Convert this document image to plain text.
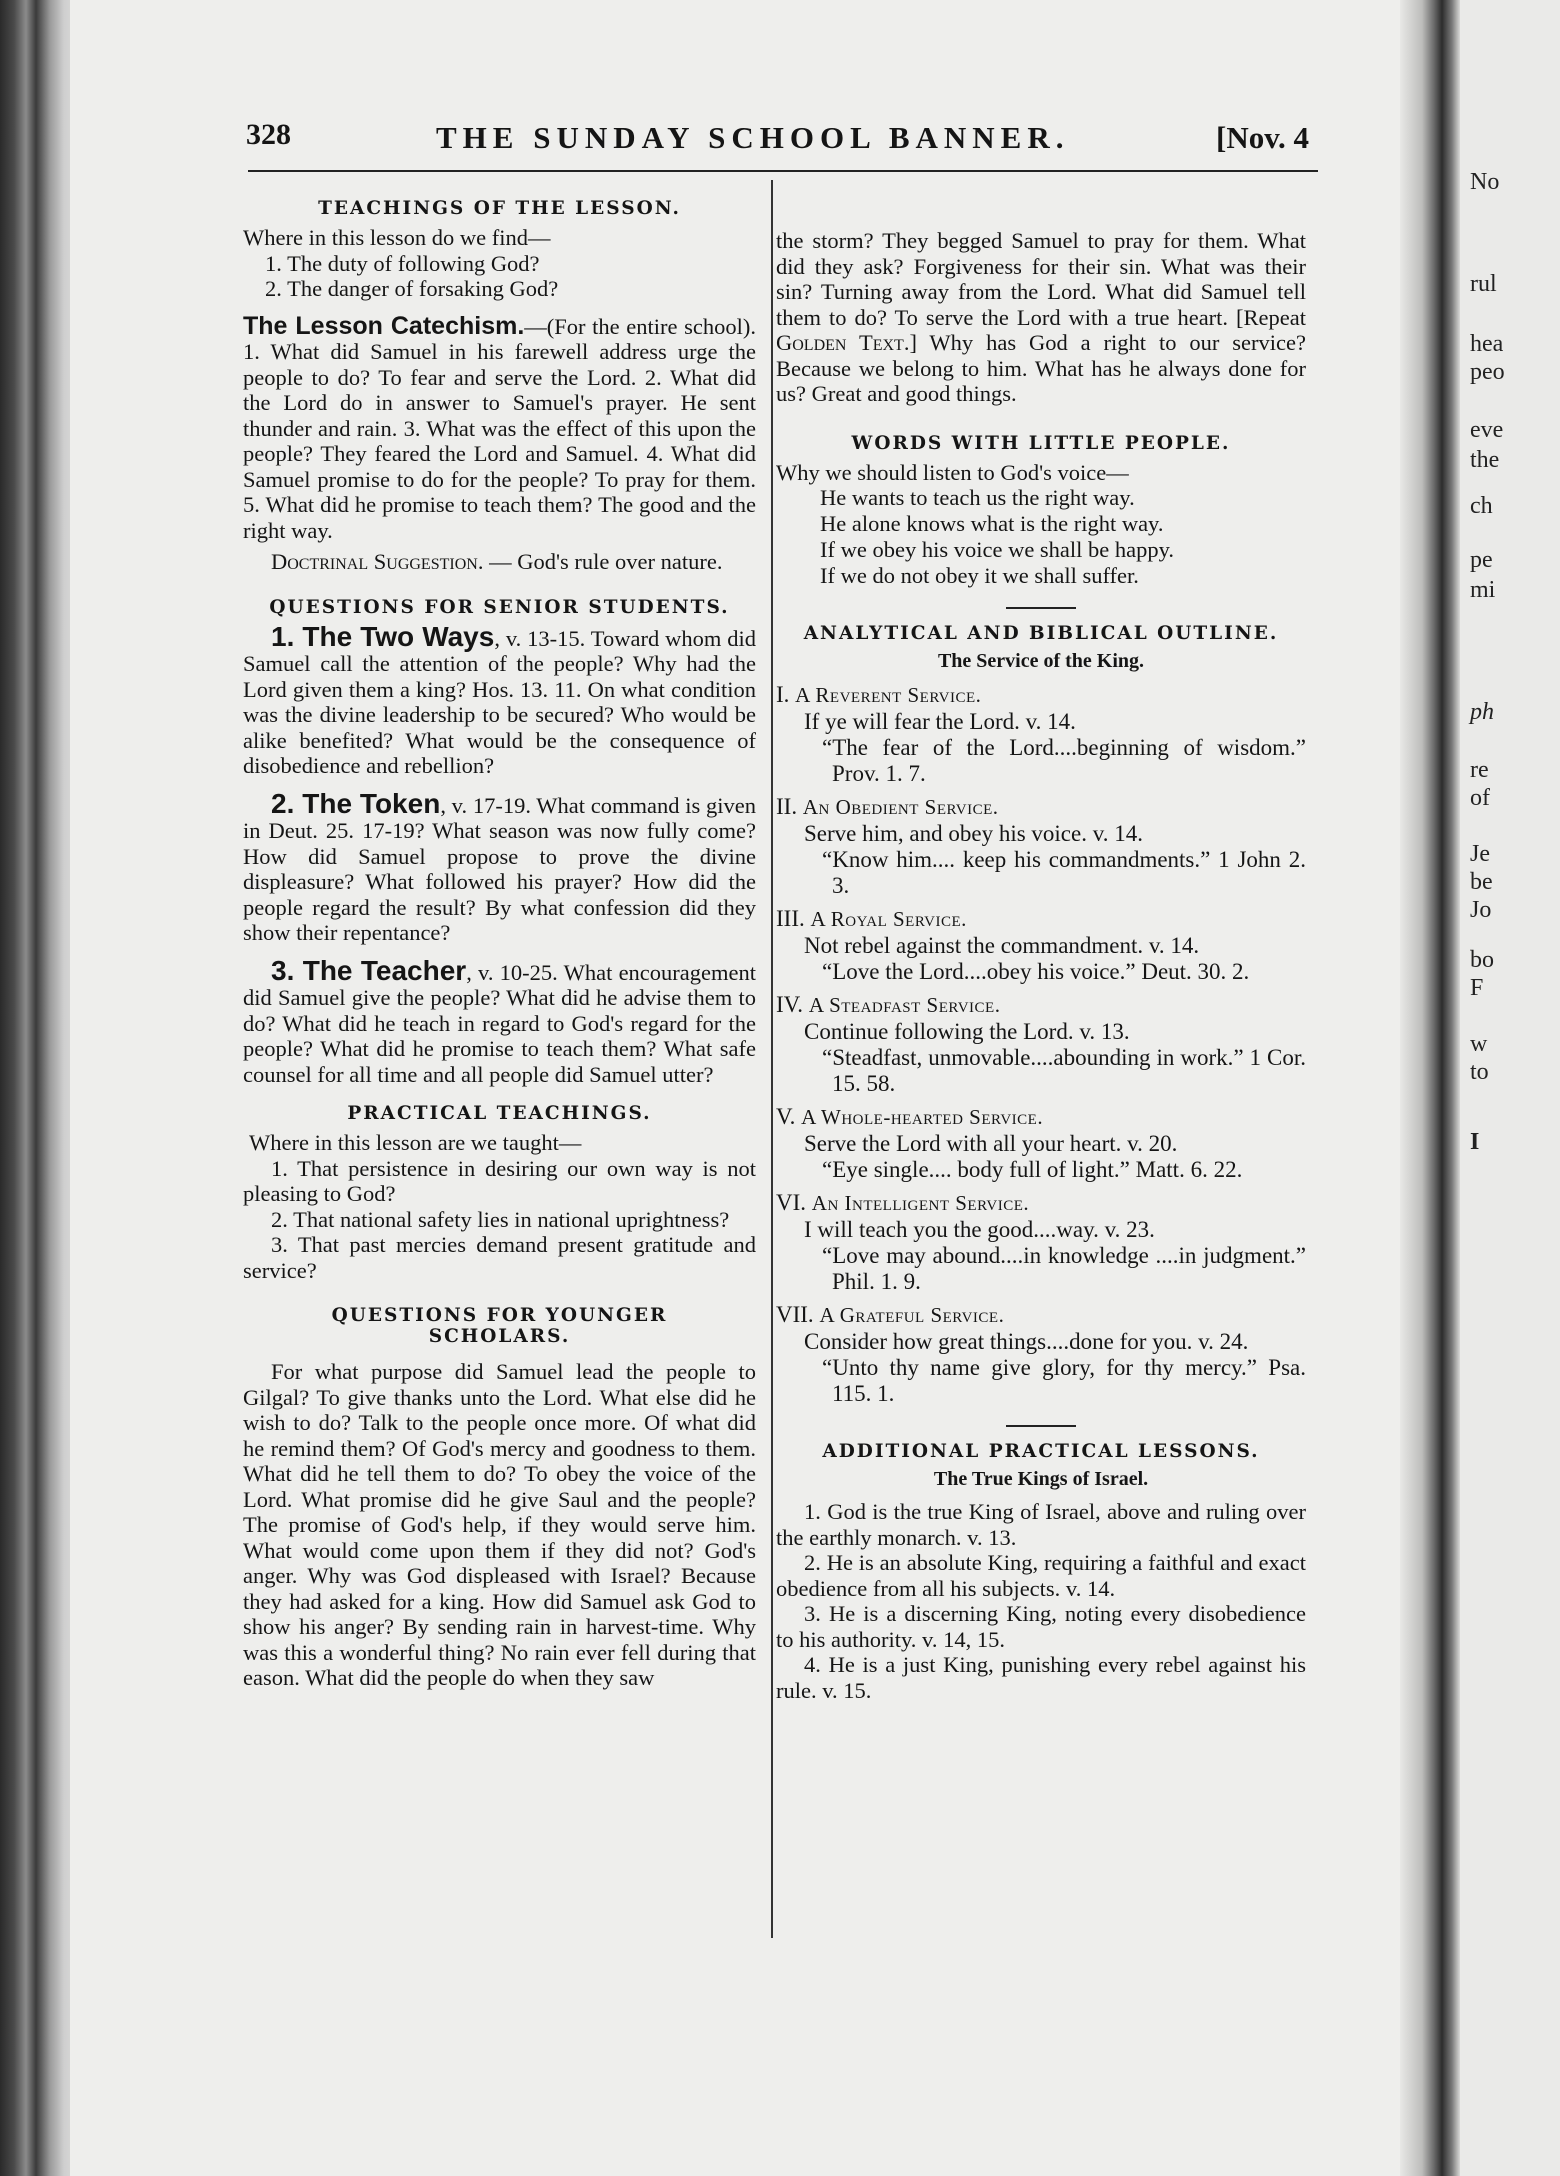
No
rul
hea
peo
eve
the
ch
pe
mi
ph
re
of
Je
be
Jo
bo
F
w
to
I
328	THE SUNDAY SCHOOL BANNER.	[Nov. 4
TEACHINGS OF THE LESSON.

Where in this lesson do we find—

1. The duty of following God?

2. The danger of forsaking God?

The Lesson Catechism.—(For the entire school). 1. What did Samuel in his farewell address urge the people to do? To fear and serve the Lord. 2. What did the Lord do in answer to Samuel's prayer. He sent thunder and rain. 3. What was the effect of this upon the people? They feared the Lord and Samuel. 4. What did Samuel promise to do for the people? To pray for them. 5. What did he promise to teach them? The good and the right way.

Doctrinal Suggestion. — God's rule over nature.

QUESTIONS FOR SENIOR STUDENTS.

1. The Two Ways, v. 13-15. Toward whom did Samuel call the attention of the people? Why had the Lord given them a king? Hos. 13. 11. On what condition was the divine leadership to be secured? Who would be alike benefited? What would be the consequence of disobedience and rebellion?

2. The Token, v. 17-19. What command is given in Deut. 25. 17-19? What season was now fully come? How did Samuel propose to prove the divine displeasure? What followed his prayer? How did the people regard the result? By what confession did they show their repentance?

3. The Teacher, v. 10-25. What encouragement did Samuel give the people? What did he advise them to do? What did he teach in regard to God's regard for the people? What did he promise to teach them? What safe counsel for all time and all people did Samuel utter?

PRACTICAL TEACHINGS.

Where in this lesson are we taught—

1. That persistence in desiring our own way is not pleasing to God?

2. That national safety lies in national uprightness?

3. That past mercies demand present gratitude and service?

QUESTIONS FOR YOUNGER
SCHOLARS.

For what purpose did Samuel lead the people to Gilgal? To give thanks unto the Lord. What else did he wish to do? Talk to the people once more. Of what did he remind them? Of God's mercy and goodness to them. What did he tell them to do? To obey the voice of the Lord. What promise did he give Saul and the people? The promise of God's help, if they would serve him. What would come upon them if they did not? God's anger. Why was God displeased with Israel? Because they had asked for a king. How did Samuel ask God to show his anger? By sending rain in harvest-time. Why was this a wonderful thing? No rain ever fell during that eason. What did the people do when they saw

the storm? They begged Samuel to pray for them. What did they ask? Forgiveness for their sin. What was their sin? Turning away from the Lord. What did Samuel tell them to do? To serve the Lord with a true heart. [Repeat Golden Text.] Why has God a right to our service? Because we belong to him. What has he always done for us? Great and good things.

WORDS WITH LITTLE PEOPLE.

Why we should listen to God's voice—

He wants to teach us the right way.

He alone knows what is the right way.

If we obey his voice we shall be happy.

If we do not obey it we shall suffer.

ANALYTICAL AND BIBLICAL OUTLINE.
The Service of the King.

I. A Reverent Service.

If ye will fear the Lord. v. 14.

“The fear of the Lord....beginning of wisdom.” Prov. 1. 7.

II. An Obedient Service.

Serve him, and obey his voice. v. 14.

“Know him.... keep his commandments.” 1 John 2. 3.

III. A Royal Service.

Not rebel against the commandment. v. 14.

“Love the Lord....obey his voice.” Deut. 30. 2.

IV. A Steadfast Service.

Continue following the Lord. v. 13.

“Steadfast, unmovable....abounding in work.” 1 Cor. 15. 58.

V. A Whole-hearted Service.

Serve the Lord with all your heart. v. 20.

“Eye single.... body full of light.” Matt. 6. 22.

VI. An Intelligent Service.

I will teach you the good....way. v. 23.

“Love may abound....in knowledge ....in judgment.” Phil. 1. 9.

VII. A Grateful Service.

Consider how great things....done for you. v. 24.

“Unto thy name give glory, for thy mercy.” Psa. 115. 1.

ADDITIONAL PRACTICAL LESSONS.
The True Kings of Israel.

1. God is the true King of Israel, above and ruling over the earthly monarch. v. 13.

2. He is an absolute King, requiring a faithful and exact obedience from all his subjects. v. 14.

3. He is a discerning King, noting every disobedience to his authority. v. 14, 15.

4. He is a just King, punishing every rebel against his rule. v. 15.
